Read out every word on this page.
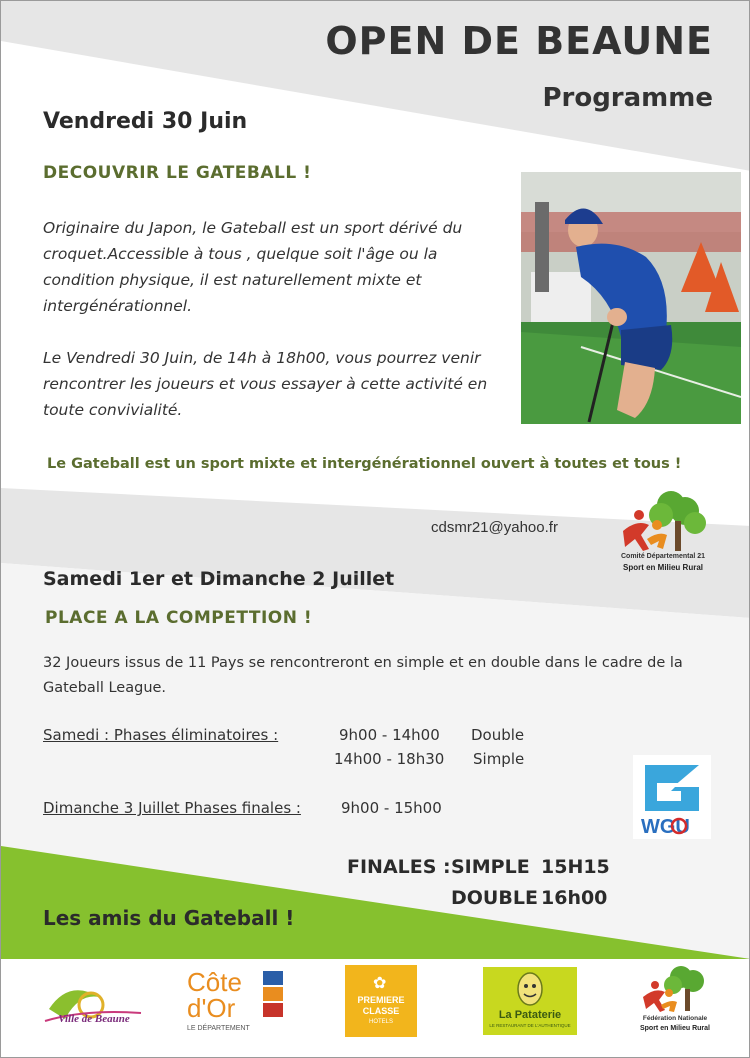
OPEN DE BEAUNE
Programme
Vendredi 30 Juin
DECOUVRIR LE GATEBALL !

Originaire du Japon, le Gateball est un sport dérivé du croquet.Accessible à tous , quelque soit l'âge ou la condition physique, il est naturellement mixte et intergénérationnel.

Le Vendredi 30 Juin, de 14h à 18h00, vous pourrez venir rencontrer les joueurs et vous essayer à cette activité en toute convivialité.

Le Gateball est un sport mixte et intergénérationnel ouvert à toutes et tous !
cdsmr21@yahoo.fr
Comité Départemental 21
Sport en Milieu Rural
Samedi 1er et Dimanche 2 Juillet
PLACE A LA COMPETTION !
32 Joueurs issus de 11 Pays se rencontreront en simple et en double dans le cadre de la Gateball League.
Samedi : Phases éliminatoires :	9h00 - 14h00 Double
14h00 - 18h30 Simple
Dimanche 3 Juillet Phases finales :	9h00 - 15h00
WGU
FINALES : SIMPLE 15H15
DOUBLE 16h00
Les amis du Gateball !
Ville de Beaune
Côte
d'Or
LE DÉPARTEMENT
✿
PREMIERE
CLASSE
HOTELS
La Pataterie
LE RESTAURANT DE L'AUTHENTIQUE
Fédération Nationale
Sport en Milieu Rural
